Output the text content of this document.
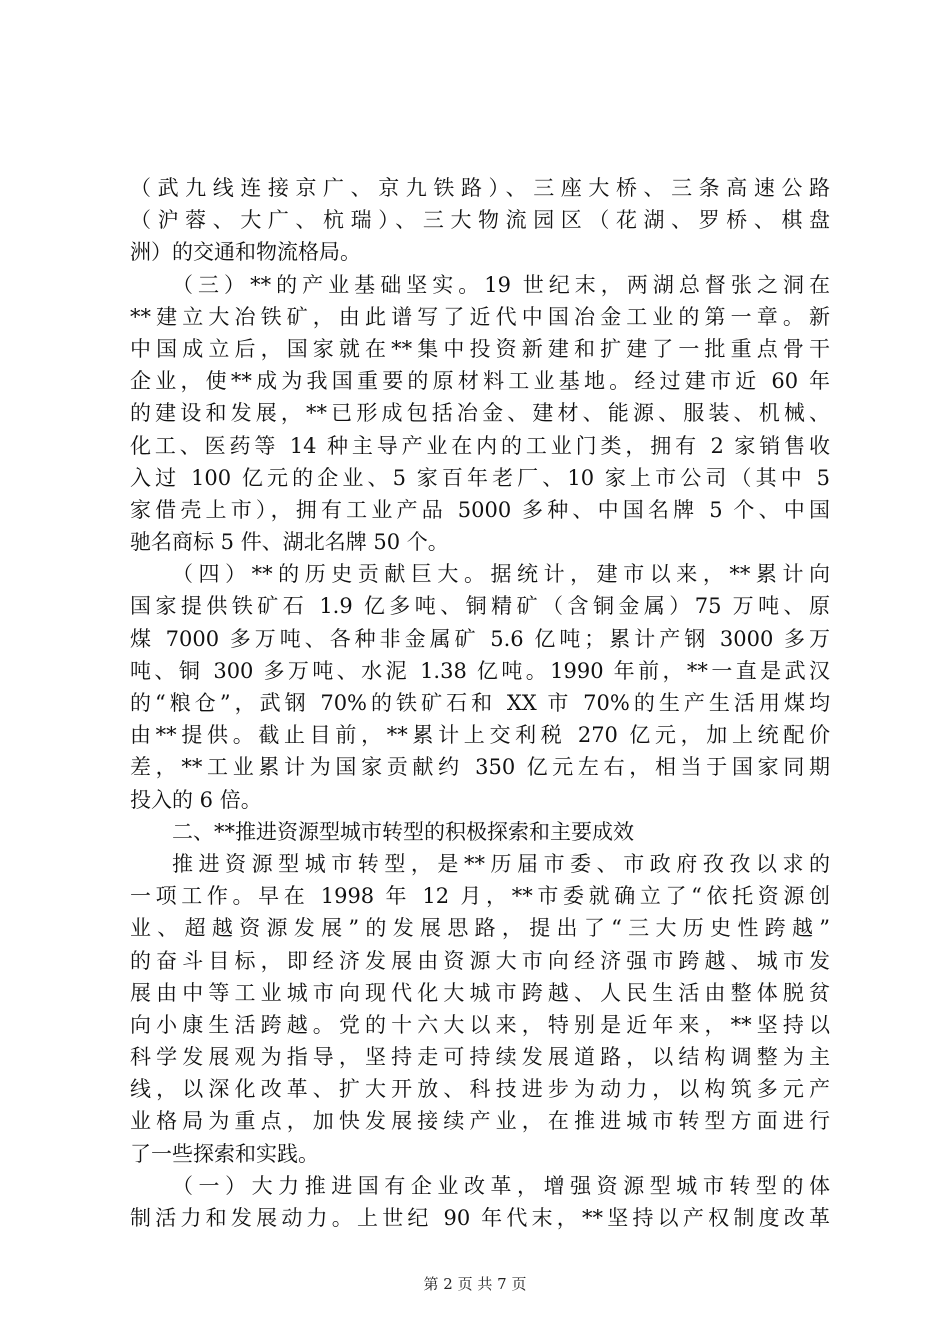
（武九线连接京广、京九铁路）、三座大桥、三条高速公路
（沪蓉、大广、杭瑞）、三大物流园区（花湖、罗桥、棋盘
洲）的交通和物流格局。
（三）**的产业基础坚实。19 世纪末，两湖总督张之洞在
**建立大冶铁矿，由此谱写了近代中国冶金工业的第一章。新
中国成立后，国家就在**集中投资新建和扩建了一批重点骨干
企业，使**成为我国重要的原材料工业基地。经过建市近 60 年
的建设和发展，**已形成包括冶金、建材、能源、服装、机械、
化工、医药等 14 种主导产业在内的工业门类，拥有 2 家销售收
入过 100 亿元的企业、5 家百年老厂、10 家上市公司（其中 5
家借壳上市），拥有工业产品 5000 多种、中国名牌 5 个、中国
驰名商标 5 件、湖北名牌 50 个。
（四）**的历史贡献巨大。据统计，建市以来，**累计向
国家提供铁矿石 1.9 亿多吨、铜精矿（含铜金属）75 万吨、原
煤 7000 多万吨、各种非金属矿 5.6 亿吨；累计产钢 3000 多万
吨、铜 300 多万吨、水泥 1.38 亿吨。1990 年前，**一直是武汉
的“粮仓”，武钢 70%的铁矿石和 XX 市 70%的生产生活用煤均
由**提供。截止目前，**累计上交利税 270 亿元，加上统配价
差，**工业累计为国家贡献约 350 亿元左右，相当于国家同期
投入的 6 倍。
二、**推进资源型城市转型的积极探索和主要成效
推进资源型城市转型，是**历届市委、市政府孜孜以求的
一项工作。早在 1998 年 12 月，**市委就确立了“依托资源创
业、超越资源发展”的发展思路，提出了“三大历史性跨越”
的奋斗目标，即经济发展由资源大市向经济强市跨越、城市发
展由中等工业城市向现代化大城市跨越、人民生活由整体脱贫
向小康生活跨越。党的十六大以来，特别是近年来，**坚持以
科学发展观为指导，坚持走可持续发展道路，以结构调整为主
线，以深化改革、扩大开放、科技进步为动力，以构筑多元产
业格局为重点，加快发展接续产业，在推进城市转型方面进行
了一些探索和实践。
（一）大力推进国有企业改革，增强资源型城市转型的体
制活力和发展动力。上世纪 90 年代末，**坚持以产权制度改革
第 2 页 共 7 页
